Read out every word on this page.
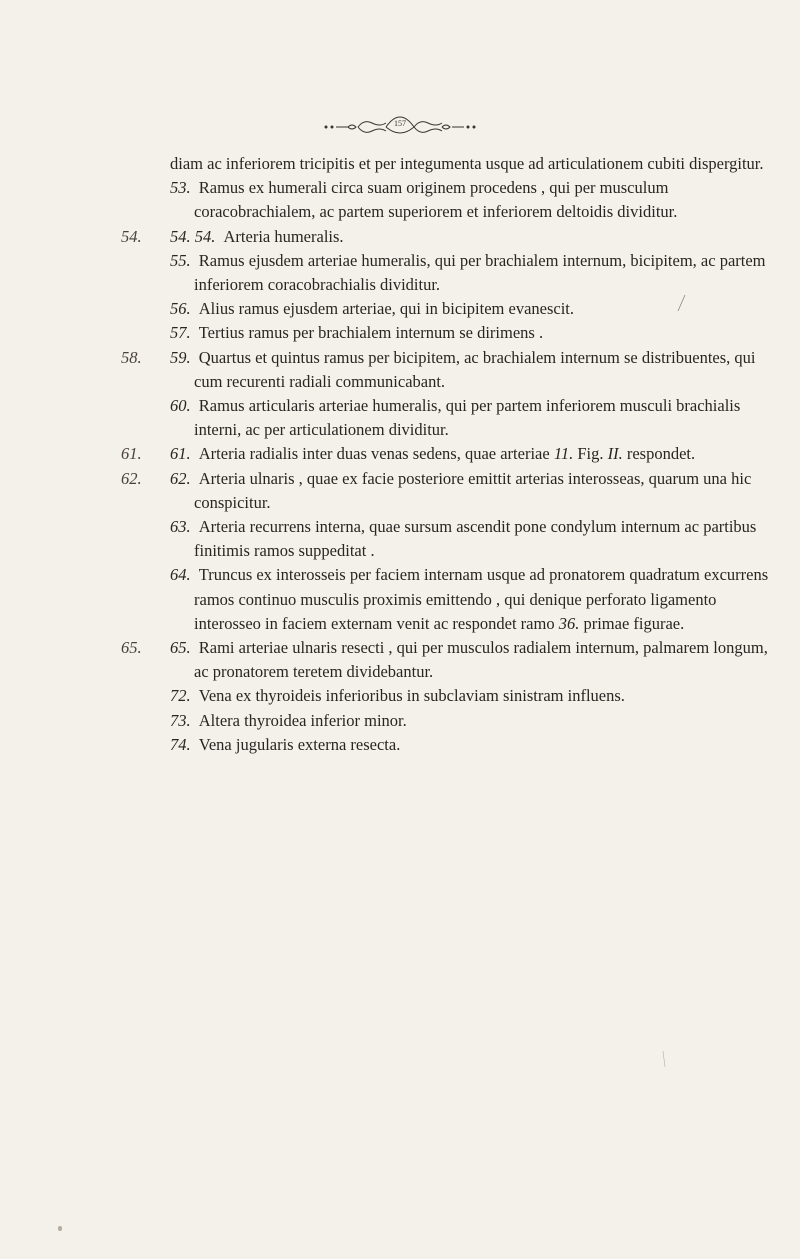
157
diam ac inferiorem tricipitis et per integumenta usque ad articulationem cubiti dispergitur.
53. Ramus ex humerali circa suam originem procedens , qui per musculum coracobrachialem, ac partem superiorem et inferiorem deltoidis dividitur.
54. 54. 54. Arteria humeralis.
55. Ramus ejusdem arteriae humeralis, qui per brachialem internum, bicipitem, ac partem inferiorem coracobrachialis dividitur.
56. Alius ramus ejusdem arteriae, qui in bicipitem evanescit.
57. Tertius ramus per brachialem internum se dirimens .
58. 59. Quartus et quintus ramus per bicipitem, ac brachialem internum se distribuentes, qui cum recurenti radiali communicabant.
60. Ramus articularis arteriae humeralis, qui per partem inferiorem musculi brachialis interni, ac per articulationem dividitur.
61. 61. Arteria radialis inter duas venas sedens, quae arteriae 11. Fig. II. respondet.
62. 62. Arteria ulnaris , quae ex facie posteriore emittit arterias interosseas, quarum una hic conspicitur.
63. Arteria recurrens interna, quae sursum ascendit pone condylum internum ac partibus finitimis ramos suppeditat .
64. Truncus ex interosseis per faciem internam usque ad pronatorem quadratum excurrens ramos continuo musculis proximis emittendo , qui denique perforato ligamento interosseo in faciem externam venit ac respondet ramo 36. primae figurae.
65. 65. Rami arteriae ulnaris resecti , qui per musculos radialem internum, palmarem longum, ac pronatorem teretem dividebantur.
72. Vena ex thyroideis inferioribus in subclaviam sinistram influens.
73. Altera thyroidea inferior minor.
74. Vena jugularis externa resecta.
